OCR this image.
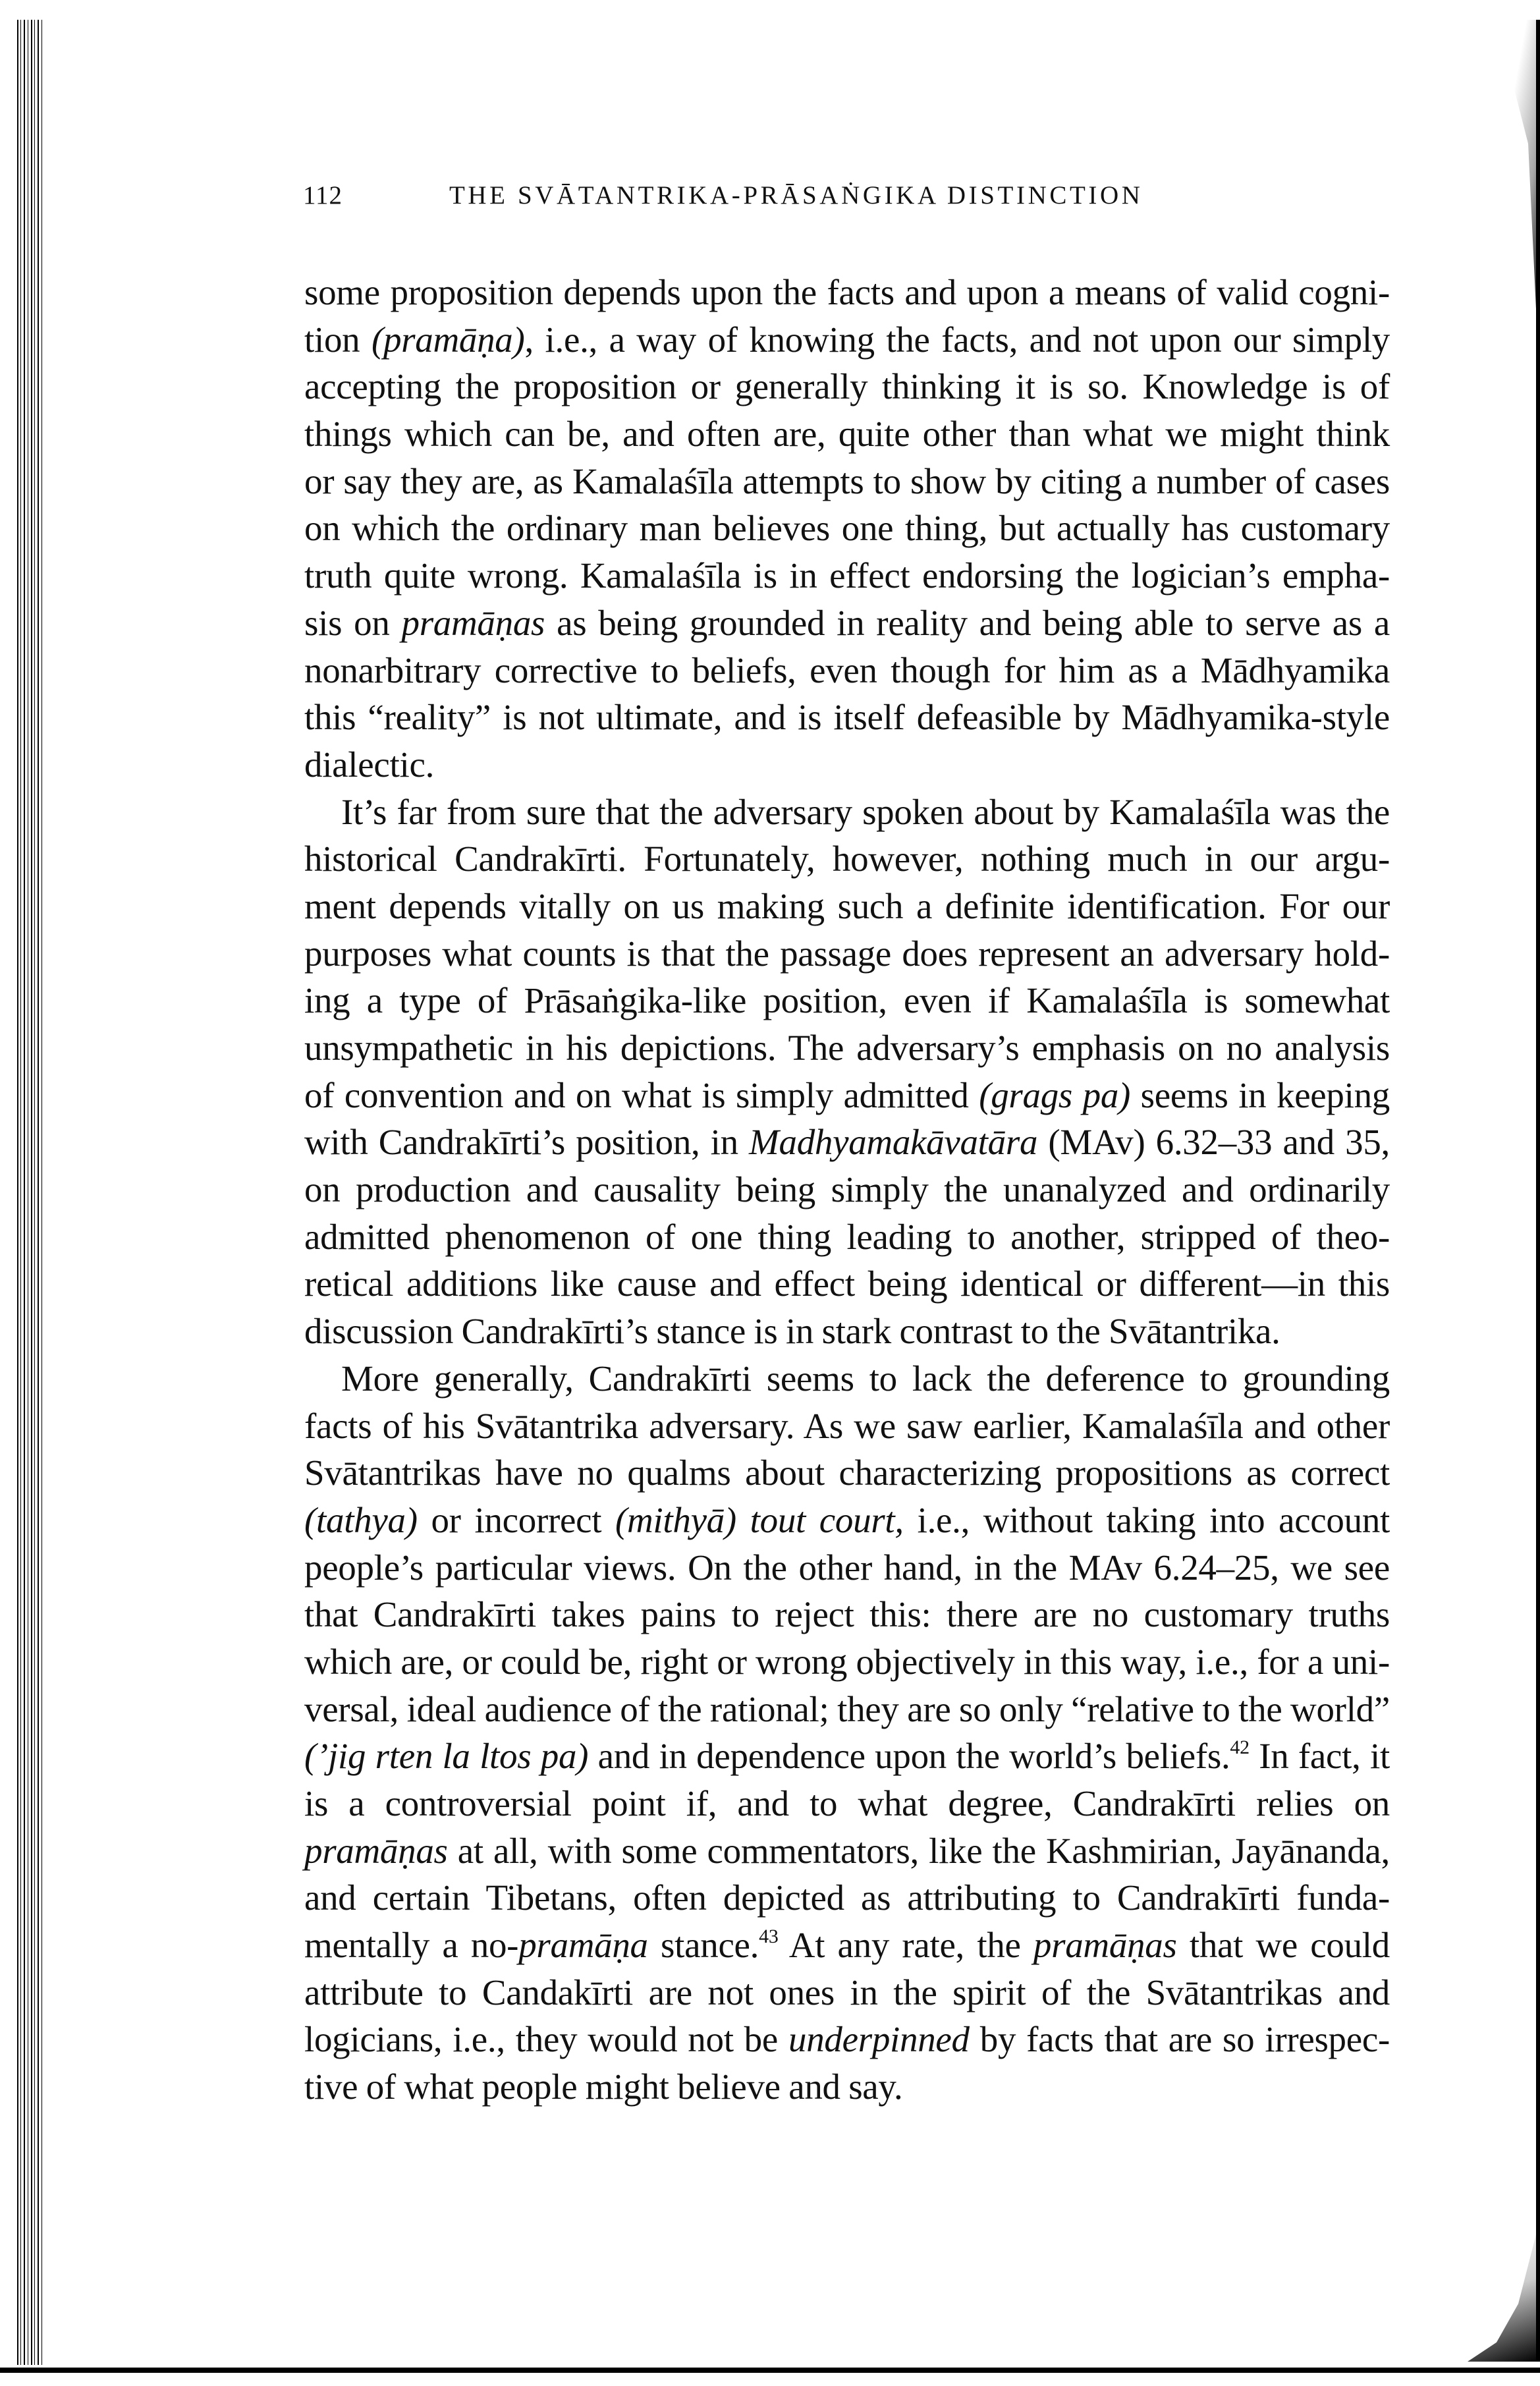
112	THE SVĀTANTRIKA-PRĀSAṄGIKA DISTINCTION

some proposition depends upon the facts and upon a means of valid cogni-
tion (pramāṇa), i.e., a way of knowing the facts, and not upon our simply
accepting the proposition or generally thinking it is so. Knowledge is of
things which can be, and often are, quite other than what we might think
or say they are, as Kamalaśīla attempts to show by citing a number of cases
on which the ordinary man believes one thing, but actually has customary
truth quite wrong. Kamalaśīla is in effect endorsing the logician’s empha-
sis on pramāṇas as being grounded in reality and being able to serve as a
nonarbitrary corrective to beliefs, even though for him as a Mādhyamika
this “reality” is not ultimate, and is itself defeasible by Mādhyamika-style
dialectic.

It’s far from sure that the adversary spoken about by Kamalaśīla was the
historical Candrakīrti. Fortunately, however, nothing much in our argu-
ment depends vitally on us making such a definite identification. For our
purposes what counts is that the passage does represent an adversary hold-
ing a type of Prāsaṅgika-like position, even if Kamalaśīla is somewhat
unsympathetic in his depictions. The adversary’s emphasis on no analysis
of convention and on what is simply admitted (grags pa) seems in keeping
with Candrakīrti’s position, in Madhyamakāvatāra (MAv) 6.32–33 and 35,
on production and causality being simply the unanalyzed and ordinarily
admitted phenomenon of one thing leading to another, stripped of theo-
retical additions like cause and effect being identical or different—in this
discussion Candrakīrti’s stance is in stark contrast to the Svātantrika.

More generally, Candrakīrti seems to lack the deference to grounding
facts of his Svātantrika adversary. As we saw earlier, Kamalaśīla and other
Svātantrikas have no qualms about characterizing propositions as correct
(tathya) or incorrect (mithyā) tout court, i.e., without taking into account
people’s particular views. On the other hand, in the MAv 6.24–25, we see
that Candrakīrti takes pains to reject this: there are no customary truths
which are, or could be, right or wrong objectively in this way, i.e., for a uni-
versal, ideal audience of the rational; they are so only “relative to the world”
(’jig rten la ltos pa) and in dependence upon the world’s beliefs.$^{42}$ In fact, it
is a controversial point if, and to what degree, Candrakīrti relies on
pramāṇas at all, with some commentators, like the Kashmirian, Jayānanda,
and certain Tibetans, often depicted as attributing to Candrakīrti funda-
mentally a no-pramāṇa stance.$^{43}$ At any rate, the pramāṇas that we could
attribute to Candakīrti are not ones in the spirit of the Svātantrikas and
logicians, i.e., they would not be underpinned by facts that are so irrespec-
tive of what people might believe and say.
